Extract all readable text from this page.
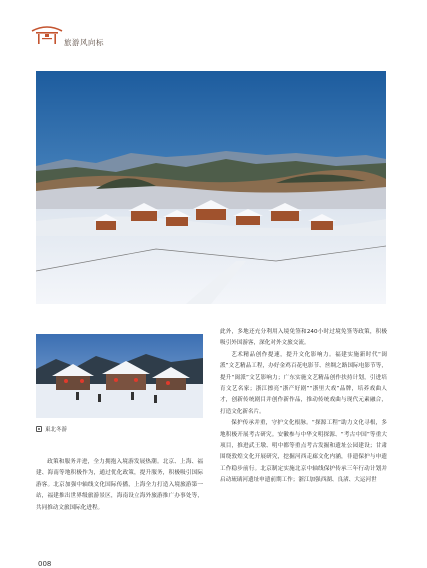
旅游风向标
東北冬游

政策和服务并进，全力拥抱入境游发展热潮。北京、上海、福建、海南等地积极作为，通过优化政策，提升服务，积极吸引国际游客。北京加强中轴线文化国际传播，上海全力打造入境旅游第一站，福建推出世界级旅游景区，海南设立海外旅游推广办事处等，共同推动文旅国际化进程。

此外，多地还充分利用入境免签和240小时过境免签等政策，积极吸引外国游客，深化对外文旅交流。

艺术精品创作提速，提升文化影响力。福建实施新时代“闽派”文艺精品工程，办好金鸡百花电影节、丝绸之路国际电影节等，提升“闽派”文艺影响力；广东实施文艺精品创作扶持计划，引进培育文艺名家；浙江擦亮“浙产好剧”“浙里大戏”品牌，培养戏曲人才，创新传统剧目并创作新作品，推动传统戏曲与现代元素融合，打造文化新名片。

保护传承并重，守护文化根脉。“探源工程”助力文化寻根，多地积极开展考古研究。安徽参与中华文明探源、“考古中国”等重大项目，推进武王墩、明中都等重点考古发掘和遗址公园建设；甘肃围绕敦煌文化开展研究，挖掘河西走廊文化内涵，非遗保护与申遗工作稳步前行。北京制定实施北京中轴线保护传承三年行动计划并启动琉璃河遗址申遗前期工作；浙江加强西湖、良渚、大运河世

008
